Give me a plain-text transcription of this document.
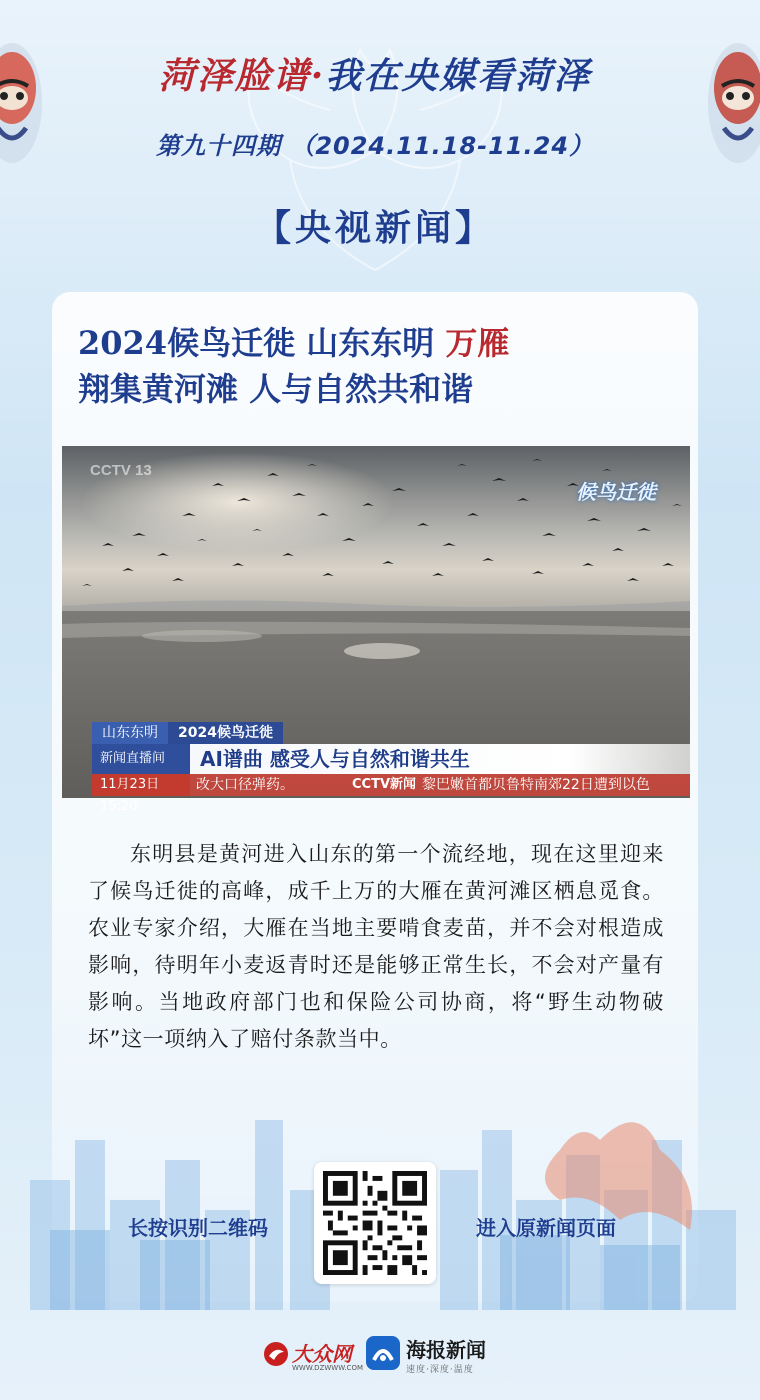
菏泽脸谱·我在央媒看菏泽
第九十四期 （2024.11.18-11.24）
【央视新闻】
2024候鸟迁徙 山东东明 万雁
翔集黄河滩 人与自然共和谐
CCTV 13
候鸟迁徙
山东东明	2024候鸟迁徙
新闻直播间	AI谱曲 感受人与自然和谐共生
11月23日15:20
改大口径弹药。	CCTV新闻 黎巴嫩首都贝鲁特南郊22日遭到以色
东明县是黄河进入山东的第一个流经地，现在这里迎来了候鸟迁徙的高峰，成千上万的大雁在黄河滩区栖息觅食。农业专家介绍，大雁在当地主要啃食麦苗，并不会对根造成影响，待明年小麦返青时还是能够正常生长，不会对产量有影响。当地政府部门也和保险公司协商，将“野生动物破坏”这一项纳入了赔付条款当中。
长按识别二维码	进入原新闻页面
大众网
WWW.DZWWW.COM
海报新闻
速度·深度·温度
